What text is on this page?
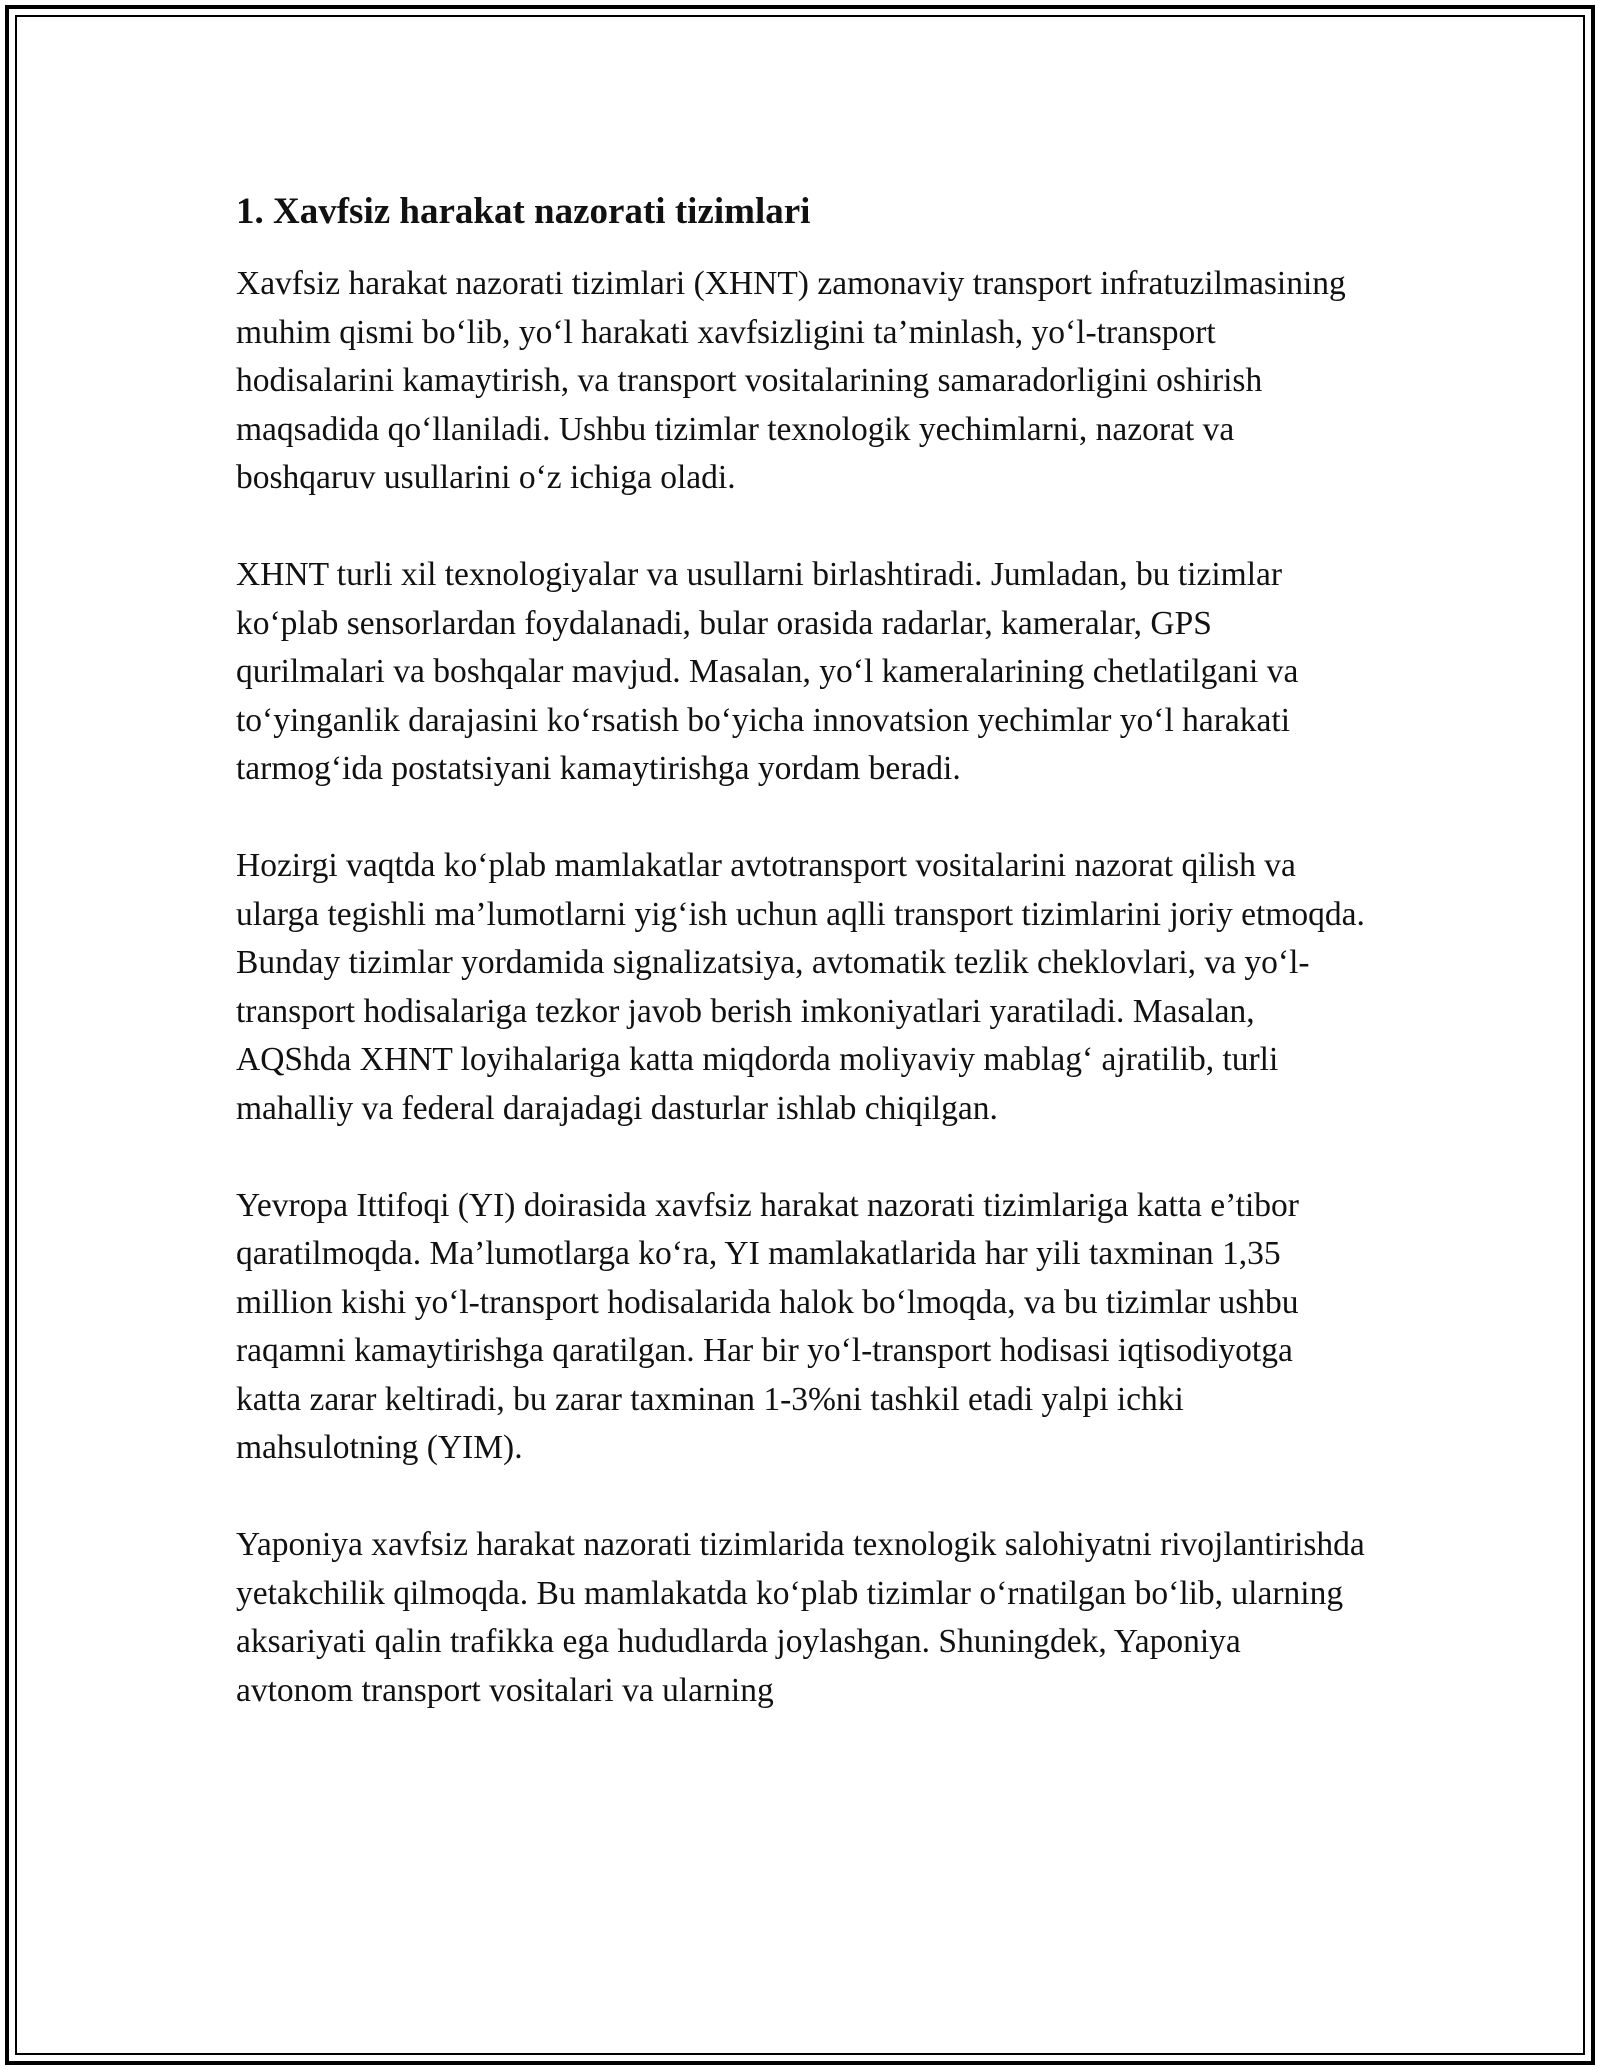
1. Xavfsiz harakat nazorati tizimlari

Xavfsiz harakat nazorati tizimlari (XHNT) zamonaviy transport infratuzilmasining muhim qismi bo‘lib, yo‘l harakati xavfsizligini ta’minlash, yo‘l-transport hodisalarini kamaytirish, va transport vositalarining samaradorligini oshirish maqsadida qo‘llaniladi. Ushbu tizimlar texnologik yechimlarni, nazorat va boshqaruv usullarini o‘z ichiga oladi.

XHNT turli xil texnologiyalar va usullarni birlashtiradi. Jumladan, bu tizimlar ko‘plab sensorlardan foydalanadi, bular orasida radarlar, kameralar, GPS qurilmalari va boshqalar mavjud. Masalan, yo‘l kameralarining chetlatilgani va to‘yinganlik darajasini ko‘rsatish bo‘yicha innovatsion yechimlar yo‘l harakati tarmog‘ida postatsiyani kamaytirishga yordam beradi.

Hozirgi vaqtda ko‘plab mamlakatlar avtotransport vositalarini nazorat qilish va ularga tegishli ma’lumotlarni yig‘ish uchun aqlli transport tizimlarini joriy etmoqda. Bunday tizimlar yordamida signalizatsiya, avtomatik tezlik cheklovlari, va yo‘l-transport hodisalariga tezkor javob berish imkoniyatlari yaratiladi. Masalan, AQShda XHNT loyihalariga katta miqdorda moliyaviy mablag‘ ajratilib, turli mahalliy va federal darajadagi dasturlar ishlab chiqilgan.

Yevropa Ittifoqi (YI) doirasida xavfsiz harakat nazorati tizimlariga katta e’tibor qaratilmoqda. Ma’lumotlarga ko‘ra, YI mamlakatlarida har yili taxminan 1,35 million kishi yo‘l-transport hodisalarida halok bo‘lmoqda, va bu tizimlar ushbu raqamni kamaytirishga qaratilgan. Har bir yo‘l-transport hodisasi iqtisodiyotga katta zarar keltiradi, bu zarar taxminan 1-3%ni tashkil etadi yalpi ichki mahsulotning (YIM).

Yaponiya xavfsiz harakat nazorati tizimlarida texnologik salohiyatni rivojlantirishda yetakchilik qilmoqda. Bu mamlakatda ko‘plab tizimlar o‘rnatilgan bo‘lib, ularning aksariyati qalin trafikka ega hududlarda joylashgan. Shuningdek, Yaponiya avtonom transport vositalari va ularning
